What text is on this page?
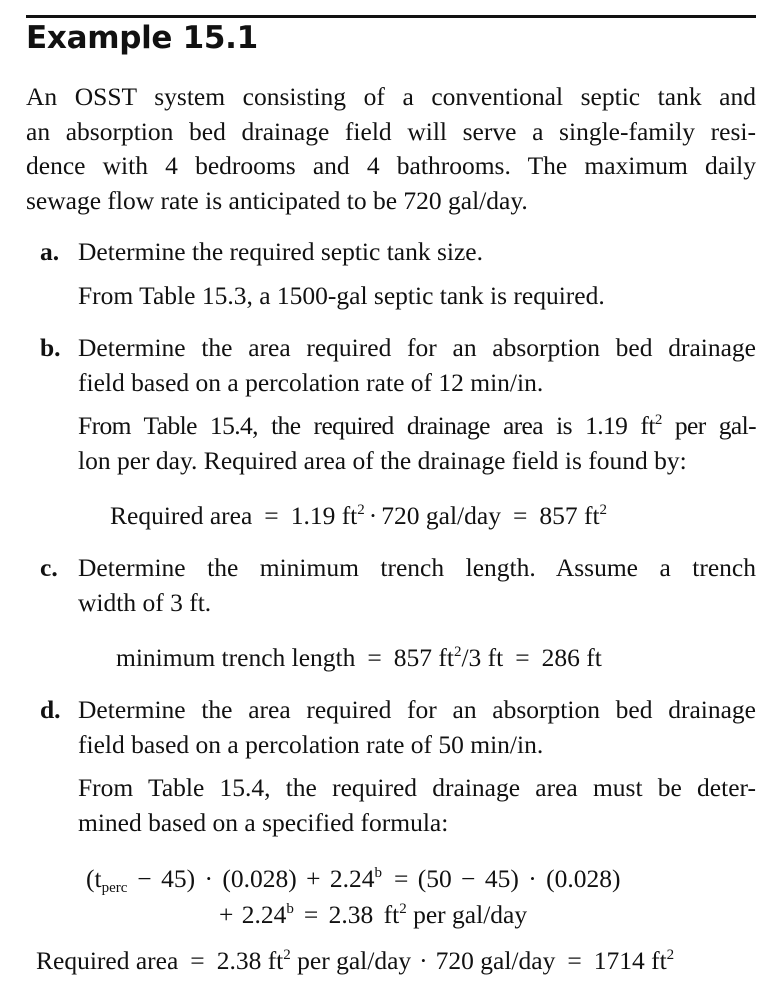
Example 15.1
An OSST system consisting of a conventional septic tank and
an absorption bed drainage field will serve a single-family resi-
dence with 4 bedrooms and 4 bathrooms. The maximum daily
sewage flow rate is anticipated to be 720 gal/day.
a. Determine the required septic tank size.
From Table 15.3, a 1500-gal septic tank is required.
b. Determine the area required for an absorption bed drainage
field based on a percolation rate of 12 min/in.
From Table 15.4, the required drainage area is 1.19 $ft^2$ per gal-
lon per day. Required area of the drainage field is found by:
Required area = 1.19 $ft^2 \cdot 720$ gal/day = 857 $ft^2$
c. Determine the minimum trench length. Assume a trench
width of 3 ft.
minimum trench length = 857 $ft^2/3$ ft = 286 ft
d. Determine the area required for an absorption bed drainage
field based on a percolation rate of 50 min/in.
From Table 15.4, the required drainage area must be deter-
mined based on a specified formula:
$(t_{perc} - 45) \cdot (0.028) + 2.24^b = (50 - 45) \cdot (0.028)$
+ 2.24$^b$ = 2.38 $ft^2$ per gal/day
Required area = 2.38 $ft^2$ per gal/day · 720 gal/day = 1714 $ft^2$
